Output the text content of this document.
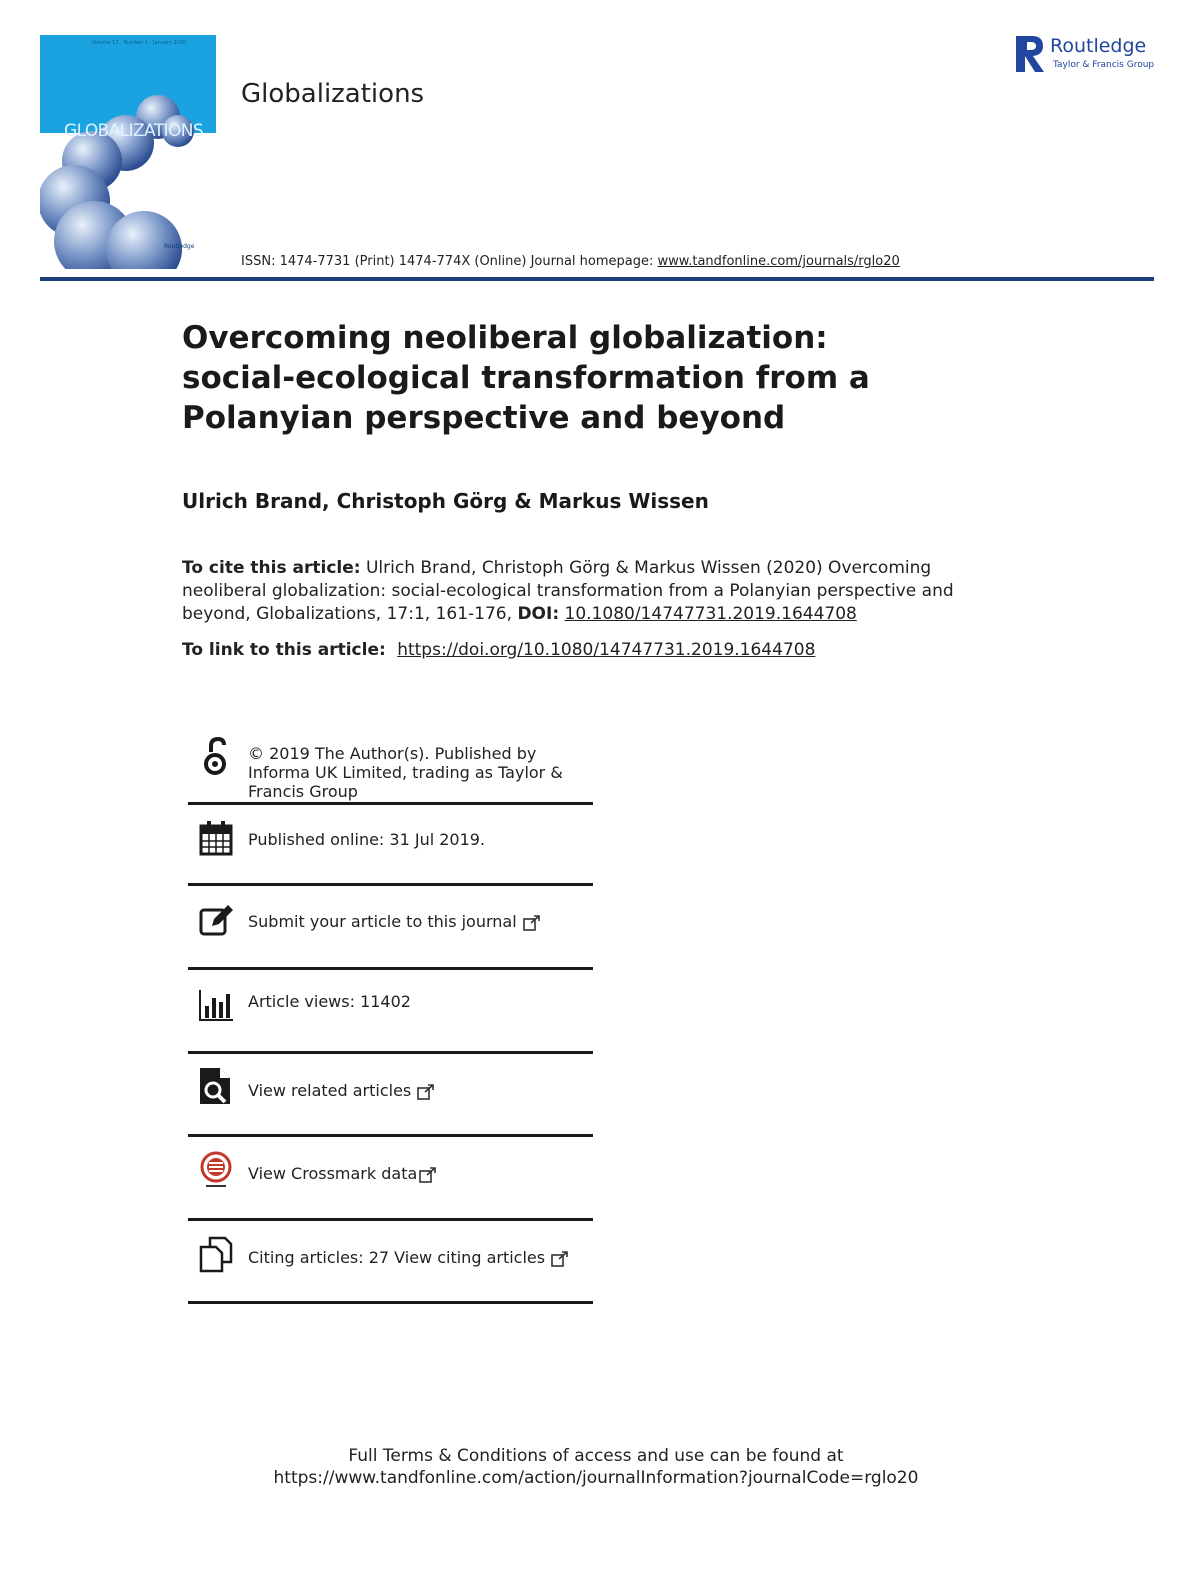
Volume 17 · Number 1 · January 2020
GLOBALIZATIONS
Routledge
Globalizations
ISSN: 1474-7731 (Print) 1474-774X (Online) Journal homepage: www.tandfonline.com/journals/rglo20
Routledge
Taylor & Francis Group
Overcoming neoliberal globalization: social-ecological transformation from a Polanyian perspective and beyond
Ulrich Brand, Christoph Görg & Markus Wissen
To cite this article: Ulrich Brand, Christoph Görg & Markus Wissen (2020) Overcoming neoliberal globalization: social-ecological transformation from a Polanyian perspective and beyond, Globalizations, 17:1, 161-176, DOI: 10.1080/14747731.2019.1644708
To link to this article: https://doi.org/10.1080/14747731.2019.1644708
© 2019 The Author(s). Published by Informa UK Limited, trading as Taylor & Francis Group
Published online: 31 Jul 2019.
Submit your article to this journal
Article views: 11402
View related articles
View Crossmark data
Citing articles: 27 View citing articles
Full Terms & Conditions of access and use can be found at
https://www.tandfonline.com/action/journalInformation?journalCode=rglo20
